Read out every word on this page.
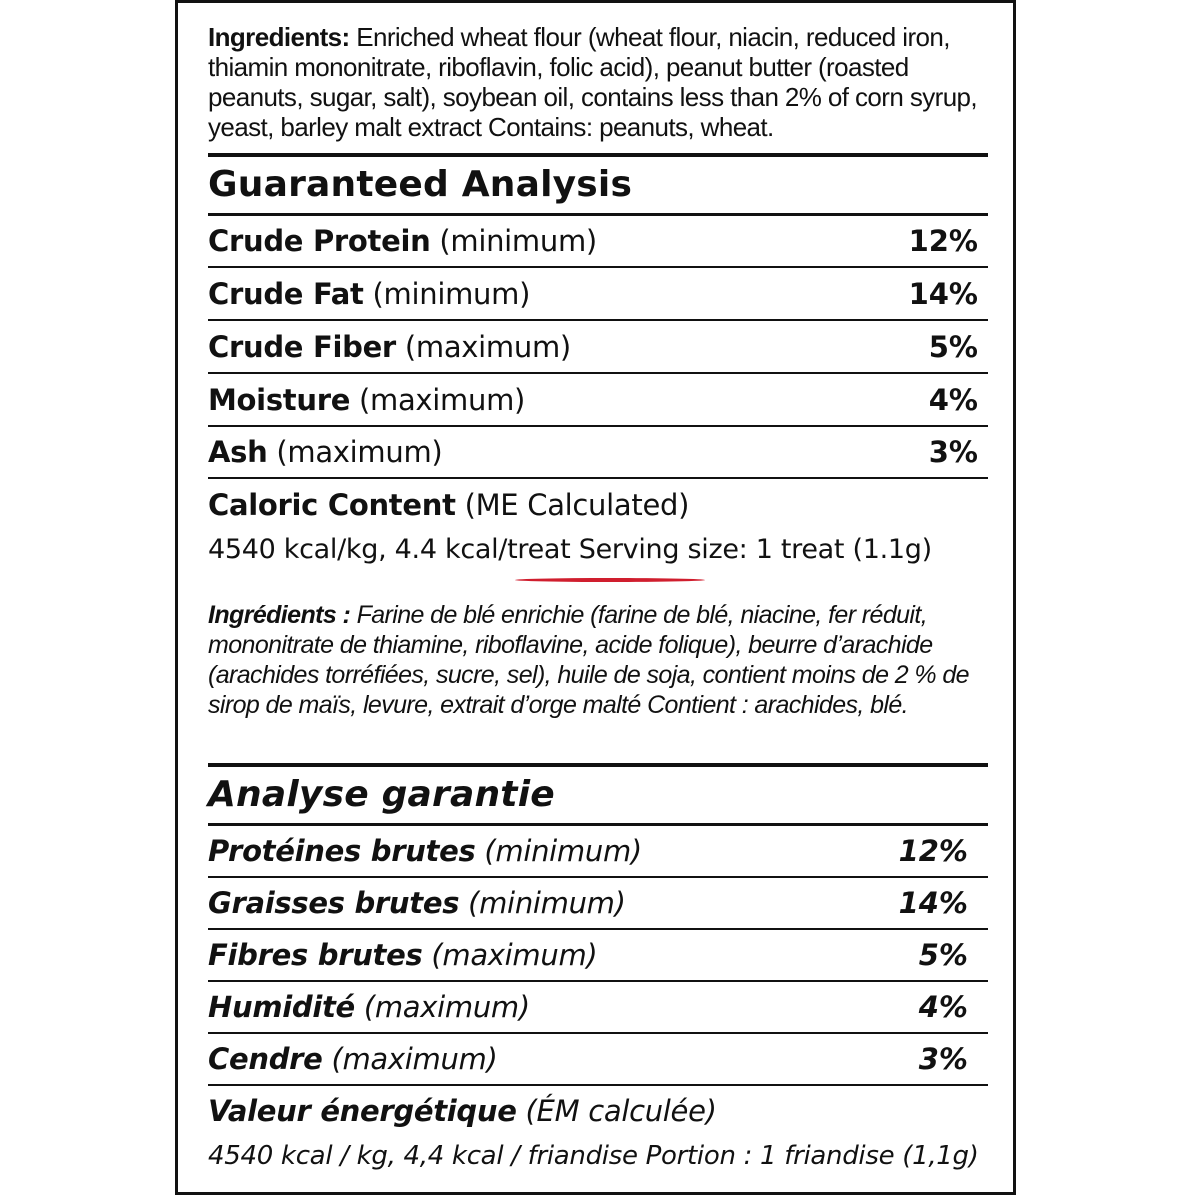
Ingredients: Enriched wheat flour (wheat flour, niacin, reduced iron, thiamin mononitrate, riboflavin, folic acid), peanut butter (roasted peanuts, sugar, salt), soybean oil, contains less than 2% of corn syrup, yeast, barley malt extract Contains: peanuts, wheat.
Guaranteed Analysis
Crude Protein (minimum)	12%
Crude Fat (minimum)	14%
Crude Fiber (maximum)	5%
Moisture (maximum)	4%
Ash (maximum)	3%
Caloric Content (ME Calculated)
4540 kcal/kg, 4.4 kcal/treat Serving size: 1 treat (1.1g)
Ingrédients : Farine de blé enrichie (farine de blé, niacine, fer réduit, mononitrate de thiamine, riboflavine, acide folique), beurre d’arachide (arachides torréfiées, sucre, sel), huile de soja, contient moins de 2 % de sirop de maïs, levure, extrait d’orge malté Contient : arachides, blé.
Analyse garantie
Protéines brutes (minimum)	12%
Graisses brutes (minimum)	14%
Fibres brutes (maximum)	5%
Humidité (maximum)	4%
Cendre (maximum)	3%
Valeur énergétique (ÉM calculée)
4540 kcal / kg, 4,4 kcal / friandise Portion : 1 friandise (1,1g)
